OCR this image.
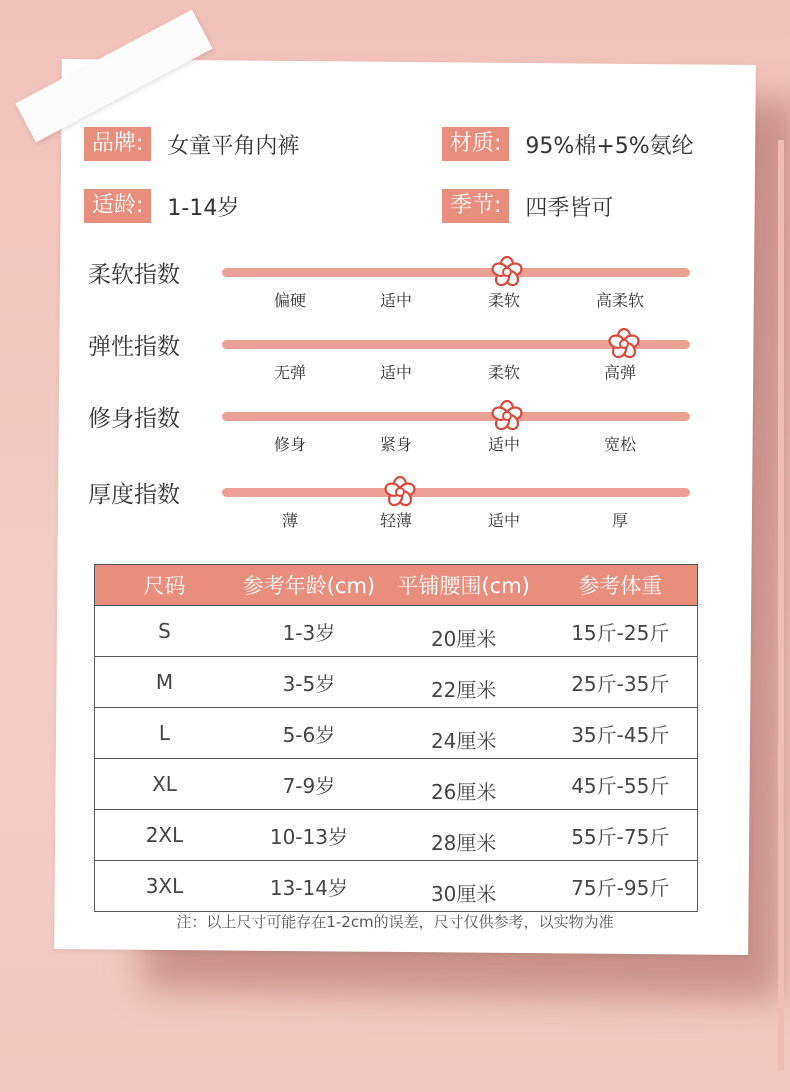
品牌:	女童平角内裤	材质:	95%棉+5%氨纶
适龄:	1-14岁	季节:	四季皆可
柔软指数
偏硬	适中	柔软	高柔软
弹性指数
无弹	适中	柔软	高弹
修身指数
修身	紧身	适中	宽松
厚度指数
薄	轻薄	适中	厚
尺码	参考年龄(cm)	平铺腰围(cm)	参考体重
S	1-3岁	20厘米	15斤-25斤
M	3-5岁	22厘米	25斤-35斤
L	5-6岁	24厘米	35斤-45斤
XL	7-9岁	26厘米	45斤-55斤
2XL	10-13岁	28厘米	55斤-75斤
3XL	13-14岁	30厘米	75斤-95斤
注：以上尺寸可能存在1-2cm的误差，尺寸仅供参考，以实物为准
